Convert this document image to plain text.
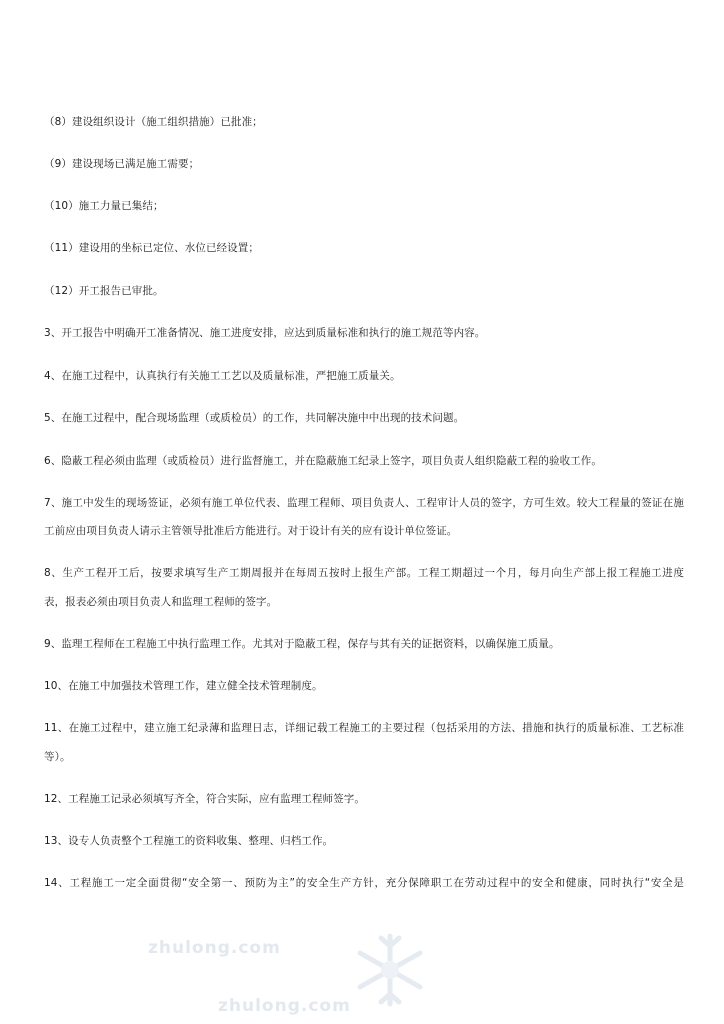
（8）建设组织设计（施工组织措施）已批准；
（9）建设现场已满足施工需要；
（10）施工力量已集结；
（11）建设用的坐标已定位、水位已经设置；
（12）开工报告已审批。
3、开工报告中明确开工准备情况、施工进度安排，应达到质量标准和执行的施工规范等内容。
4、在施工过程中，认真执行有关施工工艺以及质量标准，严把施工质量关。
5、在施工过程中，配合现场监理（或质检员）的工作，共同解决施中中出现的技术问题。
6、隐蔽工程必须由监理（或质检员）进行监督施工，并在隐蔽施工纪录上签字，项目负责人组织隐蔽工程的验收工作。
7、施工中发生的现场签证，必须有施工单位代表、监理工程师、项目负责人、工程审计人员的签字，方可生效。较大工程量的签证在施
工前应由项目负责人请示主管领导批准后方能进行。对于设计有关的应有设计单位签证。
8、生产工程开工后，按要求填写生产工期周报并在每周五按时上报生产部。工程工期超过一个月，每月向生产部上报工程施工进度
表，报表必须由项目负责人和监理工程师的签字。
9、监理工程师在工程施工中执行监理工作。尤其对于隐蔽工程，保存与其有关的证据资料，以确保施工质量。
10、在施工中加强技术管理工作，建立健全技术管理制度。
11、在施工过程中，建立施工纪录薄和监理日志，详细记载工程施工的主要过程（包括采用的方法、措施和执行的质量标准、工艺标准
等）。
12、工程施工记录必须填写齐全，符合实际，应有监理工程师签字。
13、设专人负责整个工程施工的资料收集、整理、归档工作。
14、工程施工一定全面贯彻“安全第一、预防为主”的安全生产方针，充分保障职工在劳动过程中的安全和健康，同时执行“安全是
zhulong.com
zhulong.com
